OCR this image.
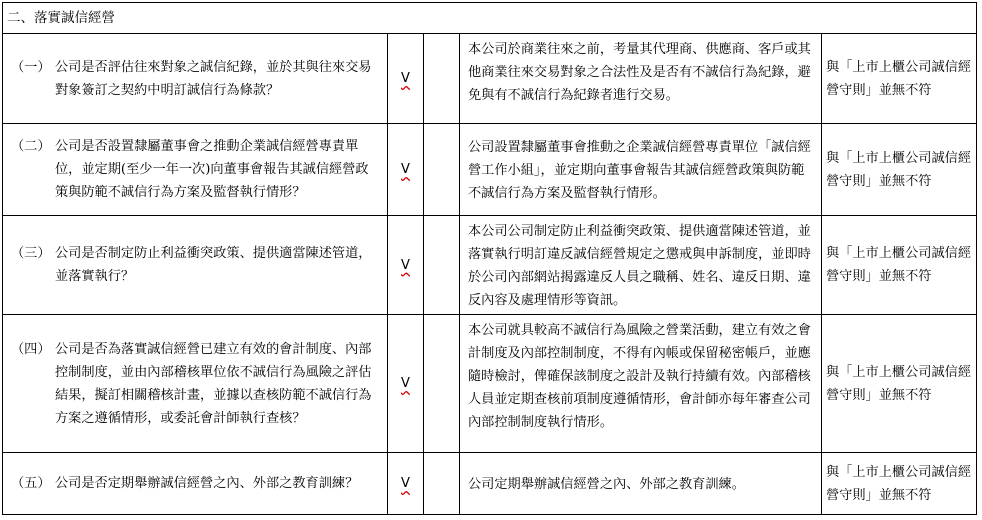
二、落實誠信經營				

（一） 公司是否評估往來對象之誠信紀錄，並於其與往來交易對象簽訂之契約中明訂誠信行為條款？	V		本公司於商業往來之前，考量其代理商、供應商、客戶或其他商業往來交易對象之合法性及是否有不誠信行為紀錄，避免與有不誠信行為紀錄者進行交易。	與「上市上櫃公司誠信經營守則」並無不符

（二） 公司是否設置隸屬董事會之推動企業誠信經營專責單位，並定期(至少一年一次)向董事會報告其誠信經營政策與防範不誠信行為方案及監督執行情形？	V		公司設置隸屬董事會推動之企業誠信經營專責單位「誠信經營工作小組」，並定期向董事會報告其誠信經營政策與防範不誠信行為方案及監督執行情形。	與「上市上櫃公司誠信經營守則」並無不符

（三） 公司是否制定防止利益衝突政策、提供適當陳述管道，並落實執行？	V		本公司公司制定防止利益衝突政策、提供適當陳述管道，並落實執行明訂違反誠信經營規定之懲戒與申訴制度，並即時於公司內部網站揭露違反人員之職稱、姓名、違反日期、違反內容及處理情形等資訊。	與「上市上櫃公司誠信經營守則」並無不符

（四） 公司是否為落實誠信經營已建立有效的會計制度、內部控制制度，並由內部稽核單位依不誠信行為風險之評估結果，擬訂相關稽核計畫，並據以查核防範不誠信行為方案之遵循情形，或委託會計師執行查核？	V		本公司就具較高不誠信行為風險之營業活動，建立有效之會計制度及內部控制制度，不得有內帳或保留秘密帳戶，並應隨時檢討，俾確保該制度之設計及執行持續有效。內部稽核人員並定期查核前項制度遵循情形，會計師亦每年審查公司內部控制制度執行情形。	與「上市上櫃公司誠信經營守則」並無不符

（五） 公司是否定期舉辦誠信經營之內、外部之教育訓練？	V		公司定期舉辦誠信經營之內、外部之教育訓練。	與「上市上櫃公司誠信經營守則」並無不符
